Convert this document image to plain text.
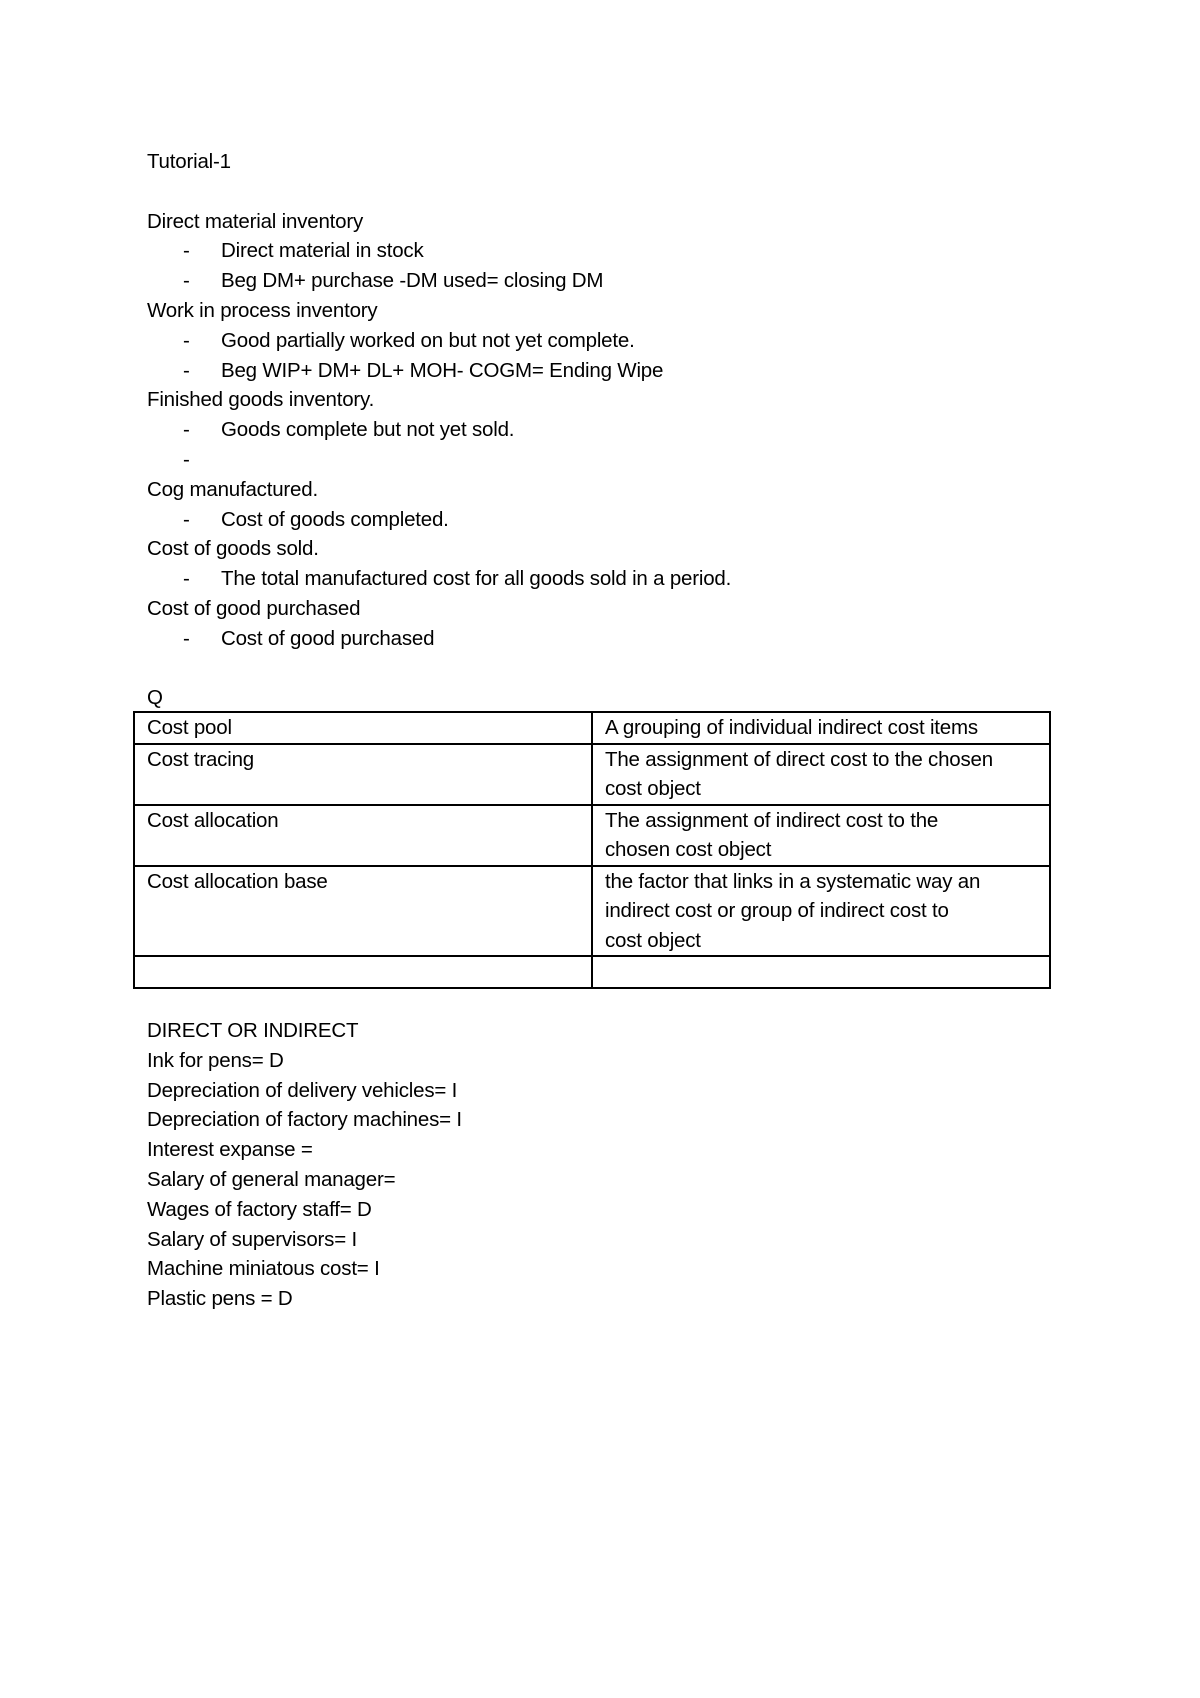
Tutorial-1
Direct material inventory
-	Direct material in stock
-	Beg DM+ purchase -DM used= closing DM
Work in process inventory
-	Good partially worked on but not yet complete.
-	Beg WIP+ DM+ DL+ MOH- COGM= Ending Wipe
Finished goods inventory.
-	Goods complete but not yet sold.
-
Cog manufactured.
-	Cost of goods completed.
Cost of goods sold.
-	The total manufactured cost for all goods sold in a period.
Cost of good purchased
-	Cost of good purchased
Q
Cost pool	A grouping of individual indirect cost items
Cost tracing	The assignment of direct cost to the chosen
cost object
Cost allocation	The assignment of indirect cost to the
chosen cost object
Cost allocation base	the factor that links in a systematic way an
indirect cost or group of indirect cost to
cost object

DIRECT OR INDIRECT
Ink for pens= D
Depreciation of delivery vehicles= I
Depreciation of factory machines= I
Interest expanse =
Salary of general manager=
Wages of factory staff= D
Salary of supervisors= I
Machine miniatous cost= I
Plastic pens = D
